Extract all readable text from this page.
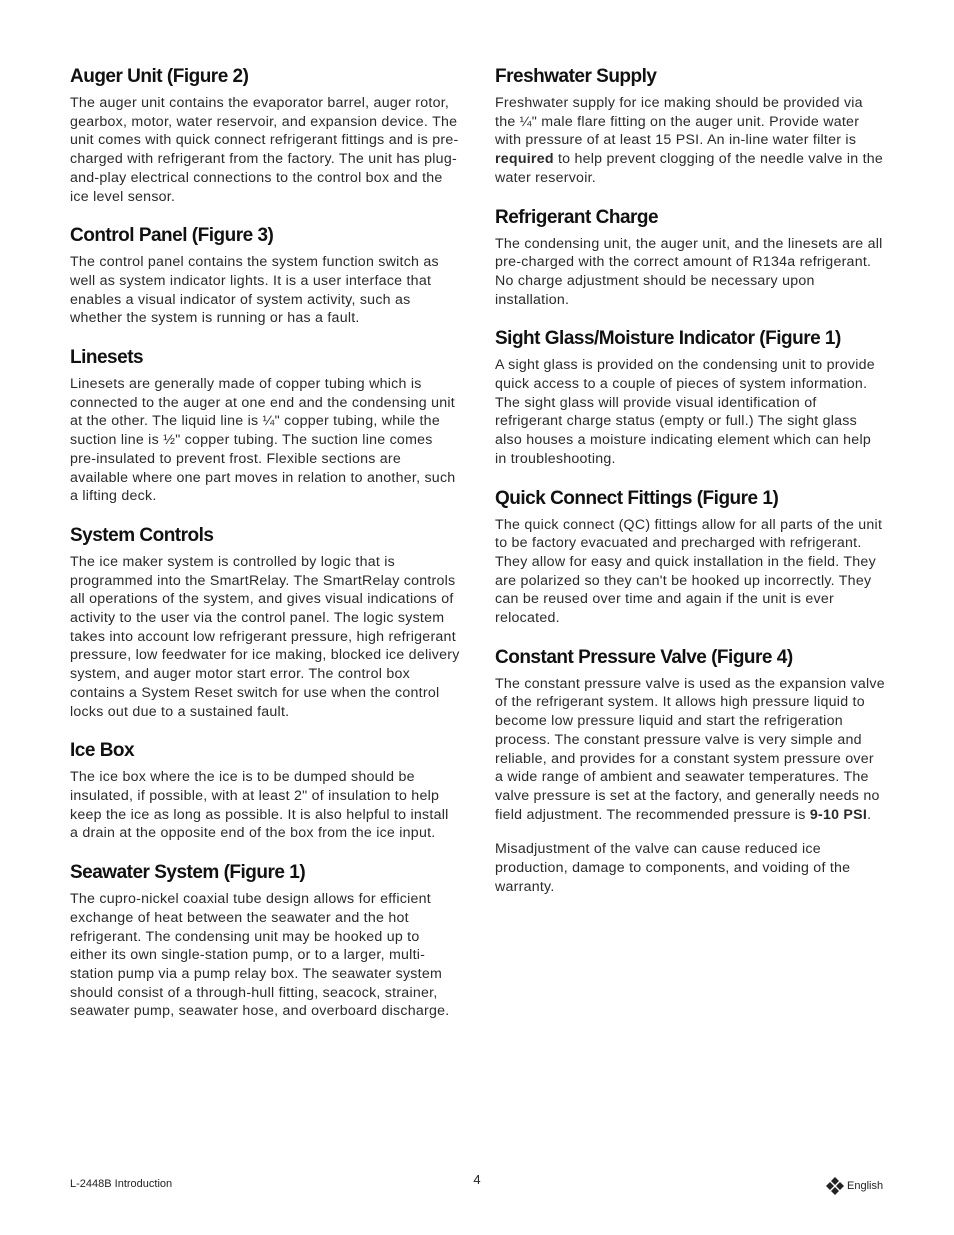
Auger Unit (Figure 2)

The auger unit contains the evaporator barrel, auger rotor, gearbox, motor, water reservoir, and expansion device. The unit comes with quick connect refrigerant fittings and is pre-charged with refrigerant from the factory. The unit has plug-and-play electrical connections to the control box and the ice level sensor.

Control Panel (Figure 3)

The control panel contains the system function switch as well as system indicator lights. It is a user interface that enables a visual indicator of system activity, such as whether the system is running or has a fault.

Linesets

Linesets are generally made of copper tubing which is connected to the auger at one end and the condensing unit at the other. The liquid line is ¼" copper tubing, while the suction line is ½" copper tubing. The suction line comes pre-insulated to prevent frost. Flexible sections are available where one part moves in relation to another, such a lifting deck.

System Controls

The ice maker system is controlled by logic that is programmed into the SmartRelay. The SmartRelay controls all operations of the system, and gives visual indications of activity to the user via the control panel. The logic system takes into account low refrigerant pressure, high refrigerant pressure, low feedwater for ice making, blocked ice delivery system, and auger motor start error. The control box contains a System Reset switch for use when the control locks out due to a sustained fault.

Ice Box

The ice box where the ice is to be dumped should be insulated, if possible, with at least 2" of insulation to help keep the ice as long as possible. It is also helpful to install a drain at the opposite end of the box from the ice input.

Seawater System (Figure 1)

The cupro-nickel coaxial tube design allows for efficient exchange of heat between the seawater and the hot refrigerant. The condensing unit may be hooked up to either its own single-station pump, or to a larger, multi-station pump via a pump relay box. The seawater system should consist of a through-hull fitting, seacock, strainer, seawater pump, seawater hose, and overboard discharge.

Freshwater Supply

Freshwater supply for ice making should be provided via the ¼" male flare fitting on the auger unit. Provide water with pressure of at least 15 PSI. An in-line water filter is required to help prevent clogging of the needle valve in the water reservoir.

Refrigerant Charge

The condensing unit, the auger unit, and the linesets are all pre-charged with the correct amount of R134a refrigerant. No charge adjustment should be necessary upon installation.

Sight Glass/Moisture Indicator (Figure 1)

A sight glass is provided on the condensing unit to provide quick access to a couple of pieces of system information. The sight glass will provide visual identification of refrigerant charge status (empty or full.) The sight glass also houses a moisture indicating element which can help in troubleshooting.

Quick Connect Fittings (Figure 1)

The quick connect (QC) fittings allow for all parts of the unit to be factory evacuated and precharged with refrigerant. They allow for easy and quick installation in the field. They are polarized so they can't be hooked up incorrectly. They can be reused over time and again if the unit is ever relocated.

Constant Pressure Valve (Figure 4)

The constant pressure valve is used as the expansion valve of the refrigerant system. It allows high pressure liquid to become low pressure liquid and start the refrigeration process. The constant pressure valve is very simple and reliable, and provides for a constant system pressure over a wide range of ambient and seawater temperatures. The valve pressure is set at the factory, and generally needs no field adjustment. The recommended pressure is 9-10 PSI.

Misadjustment of the valve can cause reduced ice production, damage to components, and voiding of the warranty.

L-2448B Introduction	4	English
